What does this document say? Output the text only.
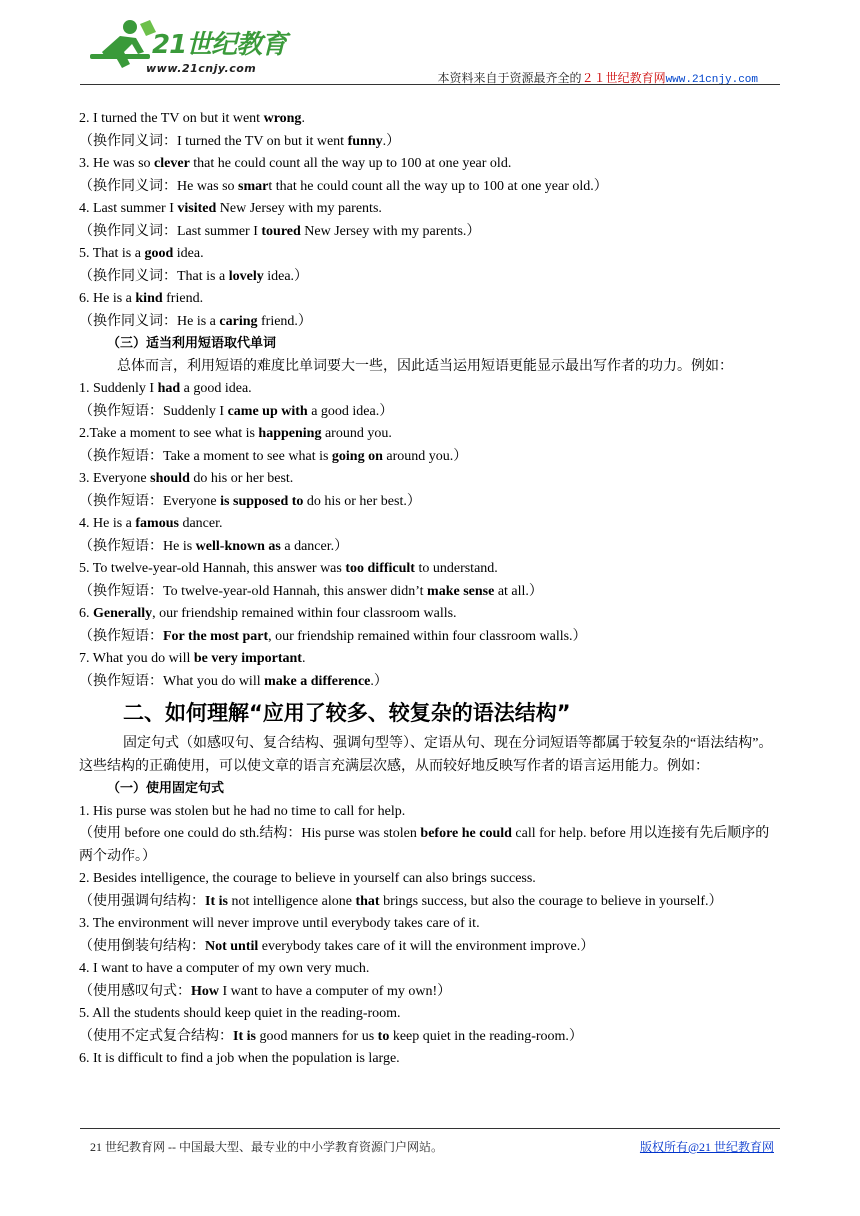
21世纪教育
www.21cnjy.com
本资料来自于资源最齐全的２１世纪教育网www.21cnjy.com
2. I turned the TV on but it went wrong.
（换作同义词：I turned the TV on but it went funny.）
3. He was so clever that he could count all the way up to 100 at one year old.
（换作同义词：He was so smart that he could count all the way up to 100 at one year old.）
4. Last summer I visited New Jersey with my parents.
（换作同义词：Last summer I toured New Jersey with my parents.）
5. That is a good idea.
（换作同义词：That is a lovely idea.）
6. He is a kind friend.
（换作同义词：He is a caring friend.）
（三）适当利用短语取代单词
总体而言，利用短语的难度比单词要大一些，因此适当运用短语更能显示最出写作者的功力。例如：
1. Suddenly I had a good idea.
（换作短语：Suddenly I came up with a good idea.）
2.Take a moment to see what is happening around you.
（换作短语：Take a moment to see what is going on around you.）
3. Everyone should do his or her best.
（换作短语：Everyone is supposed to do his or her best.）
4. He is a famous dancer.
（换作短语：He is well-known as a dancer.）
5. To twelve-year-old Hannah, this answer was too difficult to understand.
（换作短语：To twelve-year-old Hannah, this answer didn’t make sense at all.）
6. Generally, our friendship remained within four classroom walls.
（换作短语：For the most part, our friendship remained within four classroom walls.）
7. What you do will be very important.
（换作短语：What you do will make a difference.）
二、如何理解“应用了较多、较复杂的语法结构”
固定句式（如感叹句、复合结构、强调句型等）、定语从句、现在分词短语等都属于较复杂的“语法结构”。这些结构的正确使用，可以使文章的语言充满层次感，从而较好地反映写作者的语言运用能力。例如：
（一）使用固定句式
1. His purse was stolen but he had no time to call for help.
（使用 before one could do sth.结构：His purse was stolen before he could call for help. before 用以连接有先后顺序的两个动作。）
2. Besides intelligence, the courage to believe in yourself can also brings success.
（使用强调句结构：It is not intelligence alone that brings success, but also the courage to believe in yourself.）
3. The environment will never improve until everybody takes care of it.
（使用倒装句结构：Not until everybody takes care of it will the environment improve.）
4. I want to have a computer of my own very much.
（使用感叹句式：How I want to have a computer of my own!）
5. All the students should keep quiet in the reading-room.
（使用不定式复合结构：It is good manners for us to keep quiet in the reading-room.）
6. It is difficult to find a job when the population is large.
21 世纪教育网 -- 中国最大型、最专业的中小学教育资源门户网站。	版权所有@21 世纪教育网
